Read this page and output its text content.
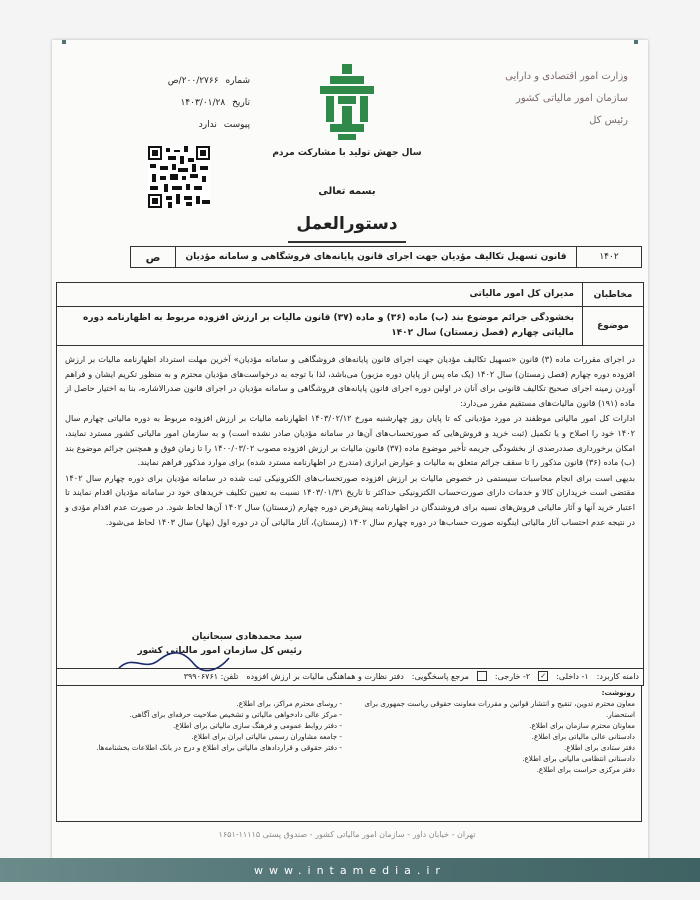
وزارت امور اقتصادی و دارایی
سازمان امور مالیاتی کشور
رئیس کل
شماره ۲۰۰/۲۷۶۶/ص
تاریخ ۱۴۰۳/۰۱/۲۸
پیوست ندارد
سال جهش تولید با مشارکت مردم
بسمه تعالی
دستورالعمل
۱۴۰۲
قانون تسهیل تکالیف مؤدیان جهت اجرای قانون پایانه‌های فروشگاهی و سامانه مؤدیان
ص
مخاطبان
مدیران کل امور مالیاتی
موضوع
بخشودگی جرائم موضوع بند (ب) ماده (۳۶) و ماده (۳۷) قانون مالیات بر ارزش افزوده مربوط به اظهارنامه دوره مالیاتی چهارم (فصل زمستان) سال ۱۴۰۲

در اجرای مقررات ماده (۳) قانون «تسهیل تکالیف مؤدیان جهت اجرای قانون پایانه‌های فروشگاهی و سامانه مؤدیان» آخرین مهلت استرداد اظهارنامه مالیات بر ارزش افزوده دوره چهارم (فصل زمستان) سال ۱۴۰۲ (یک ماه پس از پایان دوره مزبور) می‌باشد، لذا با توجه به درخواست‌های مؤدیان محترم و به منظور تکریم ایشان و فراهم آوردن زمینه اجرای صحیح تکالیف قانونی برای آنان در اولین دوره اجرای قانون پایانه‌های فروشگاهی و سامانه مؤدیان در اجرای قانون صدرالاشاره، بنا به اختیار حاصل از ماده (۱۹۱) قانون مالیات‌های مستقیم مقرر می‌دارد:

ادارات کل امور مالیاتی موظفند در مورد مؤدیانی که تا پایان روز چهارشنبه مورخ ۱۴۰۳/۰۲/۱۲ اظهارنامه مالیات بر ارزش افزوده مربوط به دوره مالیاتی چهارم سال ۱۴۰۲ خود را اصلاح و یا تکمیل (ثبت خرید و فروش‌هایی که صورتحساب‌های آن‌ها در سامانه مؤدیان صادر نشده است) و به سازمان امور مالیاتی کشور مسترد نمایند، امکان برخورداری صددرصدی از بخشودگی جریمه تأخیر موضوع ماده (۳۷) قانون مالیات بر ارزش افزوده مصوب ۱۴۰۰/۰۳/۰۲ را تا زمان فوق و همچنین جرائم موضوع بند (ب) ماده (۳۶) قانون مذکور را تا سقف جرائم متعلق به مالیات و عوارض ابرازی (مندرج در اظهارنامه مسترد شده) برای موارد مذکور فراهم نمایند.

بدیهی است برای انجام محاسبات سیستمی در خصوص مالیات بر ارزش افزوده صورتحساب‌های الکترونیکی ثبت شده در سامانه مؤدیان برای دوره چهارم سال ۱۴۰۲ مقتضی است خریداران کالا و خدمات دارای صورت‌حساب الکترونیکی حداکثر تا تاریخ ۱۴۰۳/۰۱/۳۱ نسبت به تعیین تکلیف خریدهای خود در سامانه مؤدیان اقدام نمایند تا اعتبار خرید آنها و آثار مالیاتی فروش‌های نسیه برای فروشندگان در اظهارنامه پیش‌فرض دوره چهارم (زمستان) سال ۱۴۰۲ آن‌ها لحاظ شود. در صورت عدم اقدام مؤدی و در نتیجه عدم احتساب آثار مالیاتی اینگونه صورت حساب‌ها در دوره چهارم سال ۱۴۰۲ (زمستان)، آثار مالیاتی آن در دوره اول (بهار) سال ۱۴۰۳ لحاظ می‌شود.

سید محمدهادی سبحانیان
رئیس کل سازمان امور مالیاتی کشور
دامنه کاربرد:
۱- داخلی:
✓
۲- خارجی:
مرجع پاسخگویی:
دفتر نظارت و هماهنگی مالیات بر ارزش افزوده
تلفن: ۳۹۹۰۶۷۶۱
رونوشت:
معاون محترم تدوین، تنقیح و انتشار قوانین و مقررات معاونت حقوقی ریاست جمهوری برای استحضار.
معاونان محترم سازمان برای اطلاع.
دادستانی عالی مالیاتی برای اطلاع.
دفتر ستادی برای اطلاع.
دادستانی انتظامی مالیاتی برای اطلاع.
دفتر مرکزی حراست برای اطلاع.
- روسای محترم مراکز، برای اطلاع.
- مرکز عالی دادخواهی مالیاتی و تشخیص صلاحیت حرفه‌ای برای آگاهی.
- دفتر روابط عمومی و فرهنگ سازی مالیاتی برای اطلاع.
- جامعه مشاوران رسمی مالیاتی ایران برای اطلاع.
- دفتر حقوقی و قراردادهای مالیاتی برای اطلاع و درج در بانک اطلاعات بخشنامه‌ها.
تهران - خیابان داور - سازمان امور مالیاتی کشور - صندوق پستی ۱۱۱۱۵-۱۶۵۱
www.intamedia.ir
